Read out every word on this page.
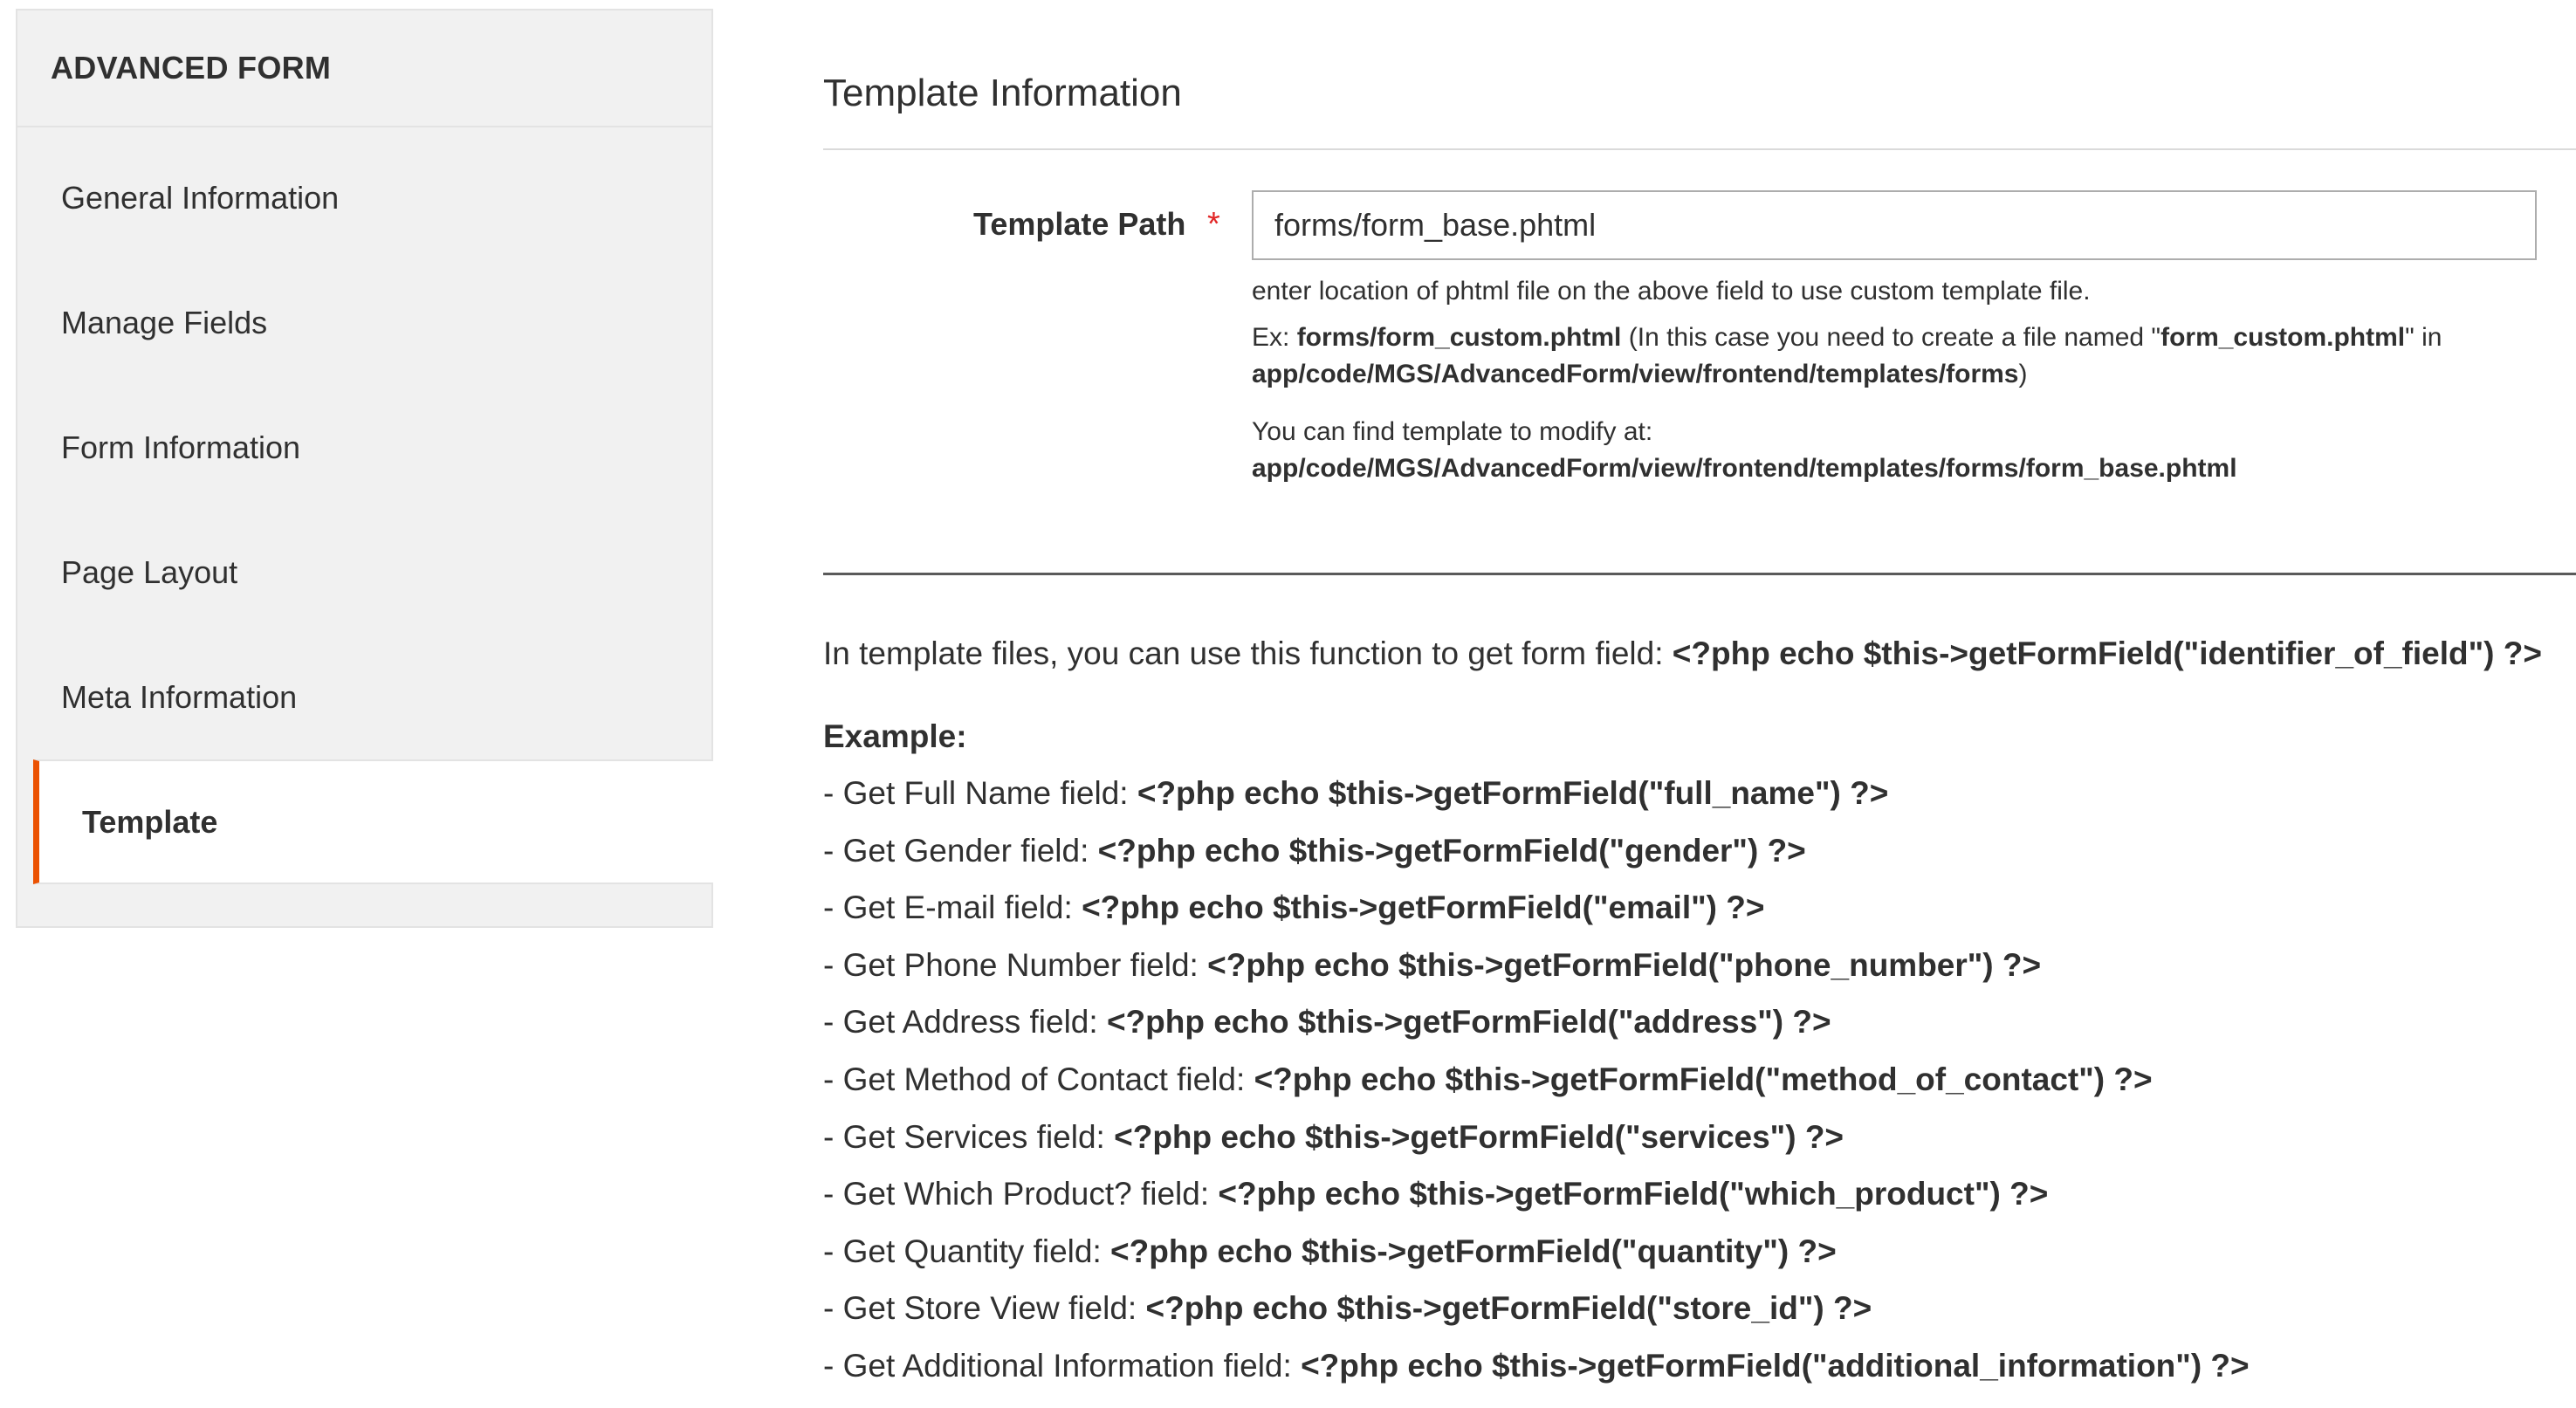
ADVANCED FORM
General Information
Manage Fields
Form Information
Page Layout
Meta Information
Template
Template Information
Template Path *
forms/form_base.phtml
enter location of phtml file on the above field to use custom template file.
Ex: forms/form_custom.phtml (In this case you need to create a file named "form_custom.phtml" in
app/code/MGS/AdvancedForm/view/frontend/templates/forms)
You can find template to modify at:
app/code/MGS/AdvancedForm/view/frontend/templates/forms/form_base.phtml
In template files, you can use this function to get form field: <?php echo $this->getFormField("identifier_of_field") ?>
Example:
- Get Full Name field: <?php echo $this->getFormField("full_name") ?>
- Get Gender field: <?php echo $this->getFormField("gender") ?>
- Get E-mail field: <?php echo $this->getFormField("email") ?>
- Get Phone Number field: <?php echo $this->getFormField("phone_number") ?>
- Get Address field: <?php echo $this->getFormField("address") ?>
- Get Method of Contact field: <?php echo $this->getFormField("method_of_contact") ?>
- Get Services field: <?php echo $this->getFormField("services") ?>
- Get Which Product? field: <?php echo $this->getFormField("which_product") ?>
- Get Quantity field: <?php echo $this->getFormField("quantity") ?>
- Get Store View field: <?php echo $this->getFormField("store_id") ?>
- Get Additional Information field: <?php echo $this->getFormField("additional_information") ?>
